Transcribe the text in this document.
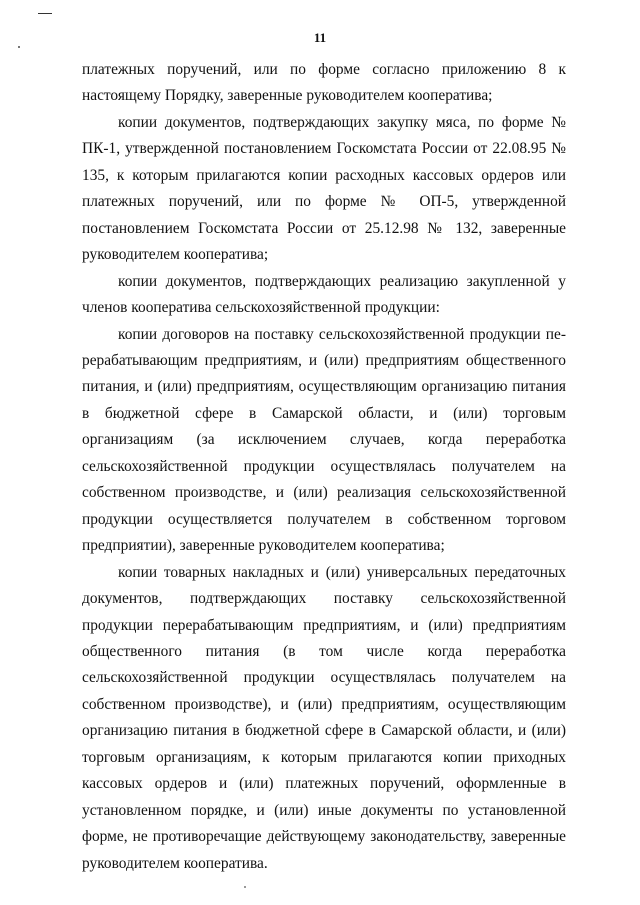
11

платежных поручений, или по форме согласно приложению 8 к настоящему Порядку, заверенные руководителем кооператива;

копии документов, подтверждающих закупку мяса, по форме № ПК-1, утвержденной постановлением Госкомстата России от 22.08.95 № 135, к которым прилагаются копии расходных кассовых ордеров или платежных поручений, или по форме № ОП-5, утвержденной постановлением Госкомстата России от 25.12.98 № 132, заверенные руководителем кооператива;

копии документов, подтверждающих реализацию закупленной у членов кооператива сельскохозяйственной продукции:

копии договоров на поставку сельскохозяйственной продукции перерабатывающим предприятиям, и (или) предприятиям общественного питания, и (или) предприятиям, осуществляющим организацию питания в бюджетной сфере в Самарской области, и (или) торговым организациям (за исключением случаев, когда переработка сельскохозяйственной продукции осуществлялась получателем на собственном производстве, и (или) реализация сельскохозяйственной продукции осуществляется получателем в собственном торговом предприятии), заверенные руководителем кооператива;

копии товарных накладных и (или) универсальных передаточных документов, подтверждающих поставку сельскохозяйственной продукции перерабатывающим предприятиям, и (или) предприятиям общественного питания (в том числе когда переработка сельскохозяйственной продукции осуществлялась получателем на собственном производстве), и (или) предприятиям, осуществляющим организацию питания в бюджетной сфере в Самарской области, и (или) торговым организациям, к которым прилагаются копии приходных кассовых ордеров и (или) платежных поручений, оформленные в установленном порядке, и (или) иные документы по установленной форме, не противоречащие действующему законодательству, заверенные руководителем кооператива.
